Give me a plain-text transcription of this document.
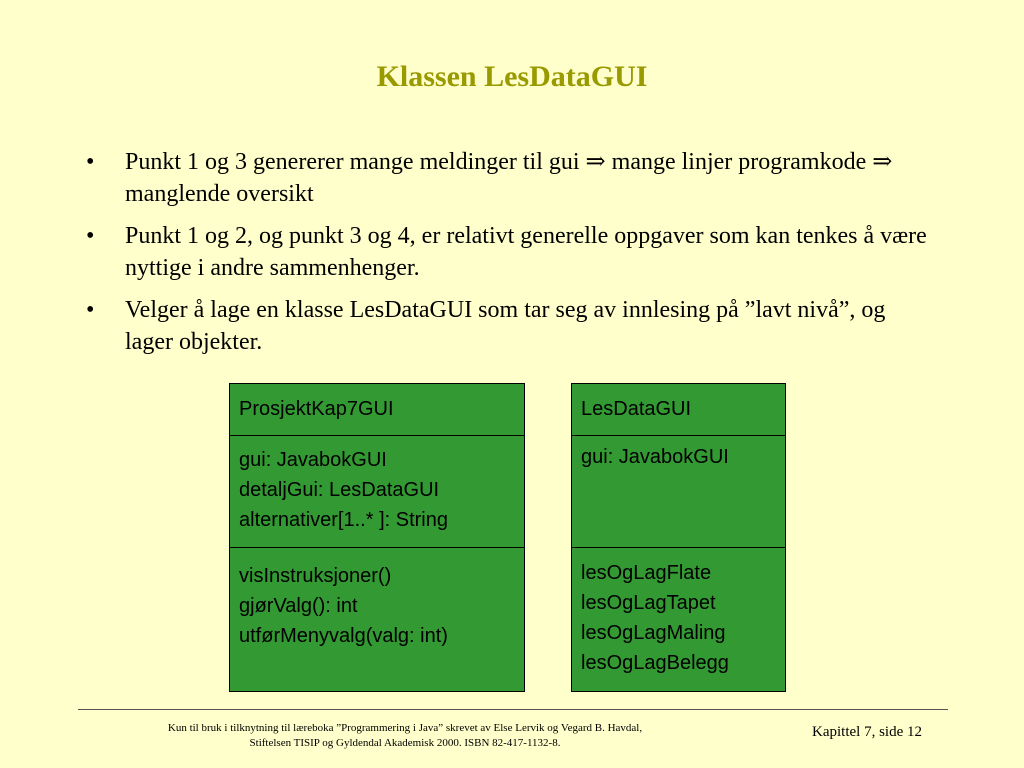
Klassen LesDataGUI
• Punkt 1 og 3 genererer mange meldinger til gui ⇒ mange linjer programkode ⇒ manglende oversikt
• Punkt 1 og 2, og punkt 3 og 4, er relativt generelle oppgaver som kan tenkes å være nyttige i andre sammenhenger.
• Velger å lage en klasse LesDataGUI som tar seg av innlesing på ”lavt nivå”, og lager objekter.
ProsjektKap7GUI
gui: JavabokGUI
detaljGui: LesDataGUI
alternativer[1..* ]: String
visInstruksjoner()
gjørValg(): int
utførMenyvalg(valg: int)
LesDataGUI
gui: JavabokGUI
lesOgLagFlate
lesOgLagTapet
lesOgLagMaling
lesOgLagBelegg
Kun til bruk i tilknytning til læreboka ”Programmering i Java” skrevet av Else Lervik og Vegard B. Havdal,
Stiftelsen TISIP og Gyldendal Akademisk 2000. ISBN 82-417-1132-8.
Kapittel 7, side 12
